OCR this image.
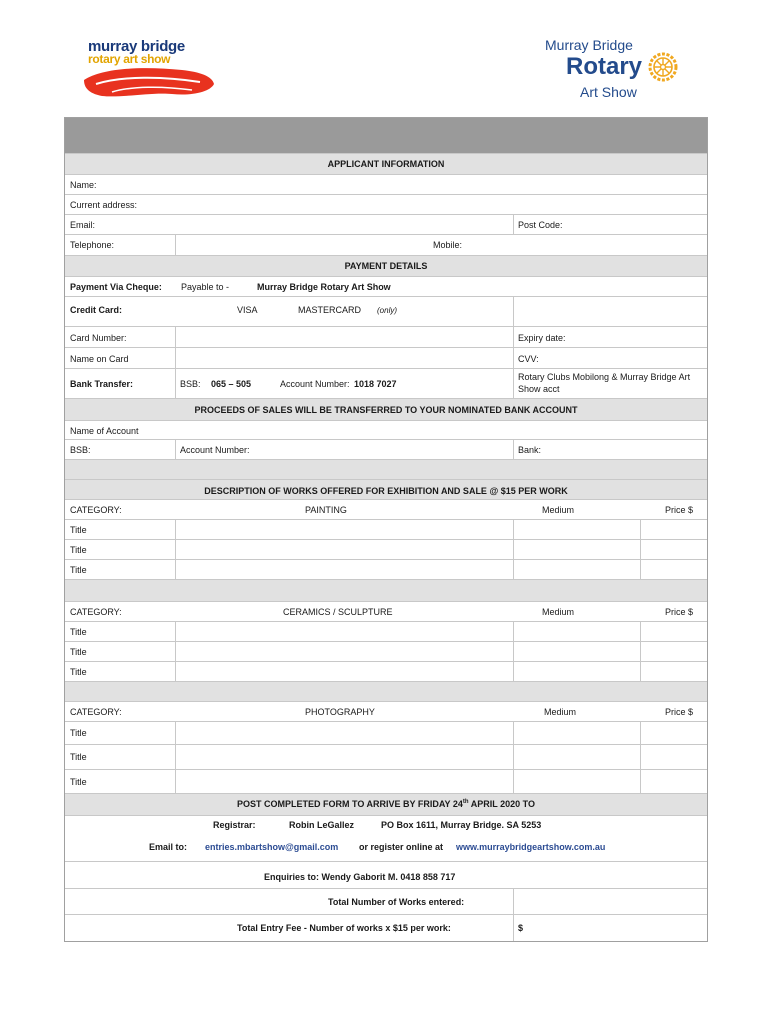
murray bridge
rotary art show
Murray Bridge
Rotary
Art Show
APPLICANT INFORMATION
Name:
Current address:
Email:	Post Code:
Telephone:	Mobile:
PAYMENT DETAILS
Payment Via Cheque: Payable to -	Murray Bridge Rotary Art Show
Credit Card:	VISA	MASTERCARD (only)
Card Number:	Expiry date:
Name on Card	CVV:
Bank Transfer:	BSB: 065 – 505	Account Number: 1018 7027
Rotary Clubs Mobilong & Murray Bridge Art
Show acct
PROCEEDS OF SALES WILL BE TRANSFERRED TO YOUR NOMINATED BANK ACCOUNT
Name of Account
BSB:	Account Number:	Bank:
DESCRIPTION OF WORKS OFFERED FOR EXHIBITION AND SALE @ $15 PER WORK
CATEGORY:	PAINTING	Medium	Price $
Title
Title
Title
CATEGORY:	CERAMICS / SCULPTURE	Medium	Price $
Title
Title
Title
CATEGORY:	PHOTOGRAPHY	Medium	Price $
Title
Title
Title
POST COMPLETED FORM TO ARRIVE BY FRIDAY 24th APRIL 2020 TO
Registrar:	Robin LeGallez	PO Box 1611, Murray Bridge. SA 5253
Email to: entries.mbartshow@gmail.com or register online at www.murraybridgeartshow.com.au
Enquiries to: Wendy Gaborit M. 0418 858 717
Total Number of Works entered:
Total Entry Fee - Number of works x $15 per work:	$
